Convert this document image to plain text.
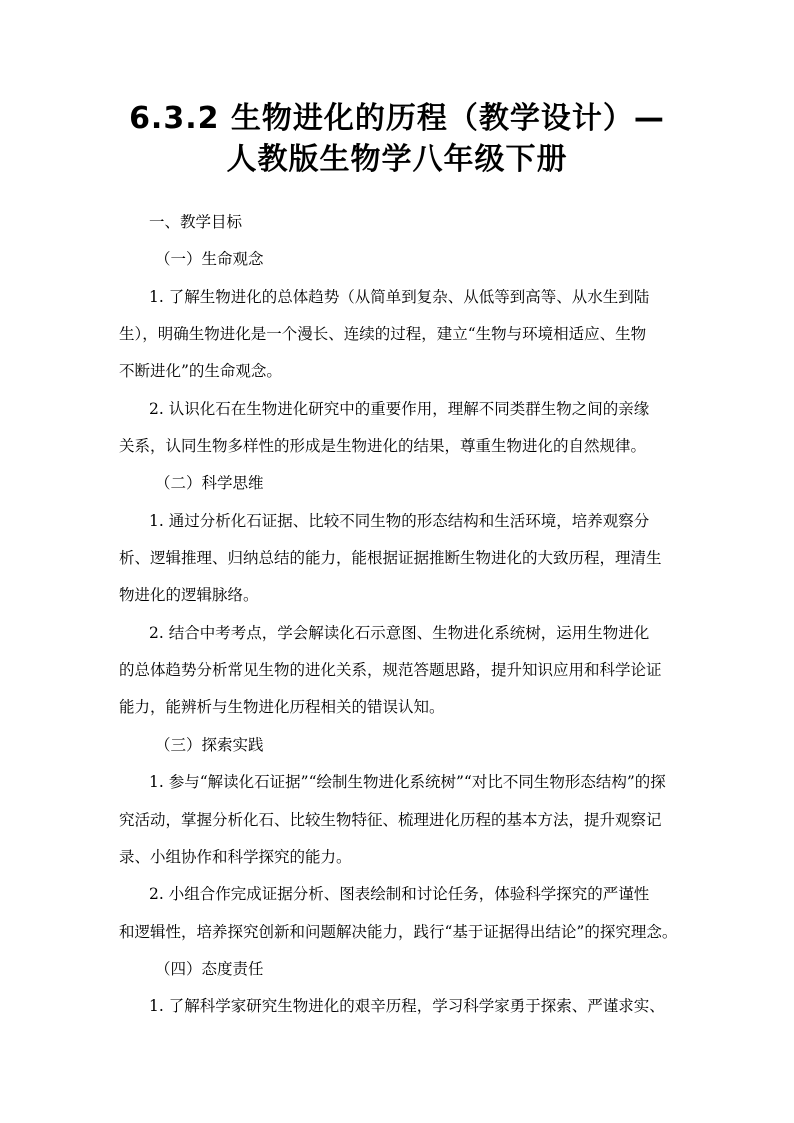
6.3.2 生物进化的历程（教学设计）—
人教版生物学八年级下册
一、教学目标
（一）生命观念
1. 了解生物进化的总体趋势（从简单到复杂、从低等到高等、从水生到陆
生），明确生物进化是一个漫长、连续的过程，建立“生物与环境相适应、生物
不断进化”的生命观念。
2. 认识化石在生物进化研究中的重要作用，理解不同类群生物之间的亲缘
关系，认同生物多样性的形成是生物进化的结果，尊重生物进化的自然规律。
（二）科学思维
1. 通过分析化石证据、比较不同生物的形态结构和生活环境，培养观察分
析、逻辑推理、归纳总结的能力，能根据证据推断生物进化的大致历程，理清生
物进化的逻辑脉络。
2. 结合中考考点，学会解读化石示意图、生物进化系统树，运用生物进化
的总体趋势分析常见生物的进化关系，规范答题思路，提升知识应用和科学论证
能力，能辨析与生物进化历程相关的错误认知。
（三）探索实践
1. 参与“解读化石证据”“绘制生物进化系统树”“对比不同生物形态结构”的探
究活动，掌握分析化石、比较生物特征、梳理进化历程的基本方法，提升观察记
录、小组协作和科学探究的能力。
2. 小组合作完成证据分析、图表绘制和讨论任务，体验科学探究的严谨性
和逻辑性，培养探究创新和问题解决能力，践行“基于证据得出结论”的探究理念。
（四）态度责任
1. 了解科学家研究生物进化的艰辛历程，学习科学家勇于探索、严谨求实、
